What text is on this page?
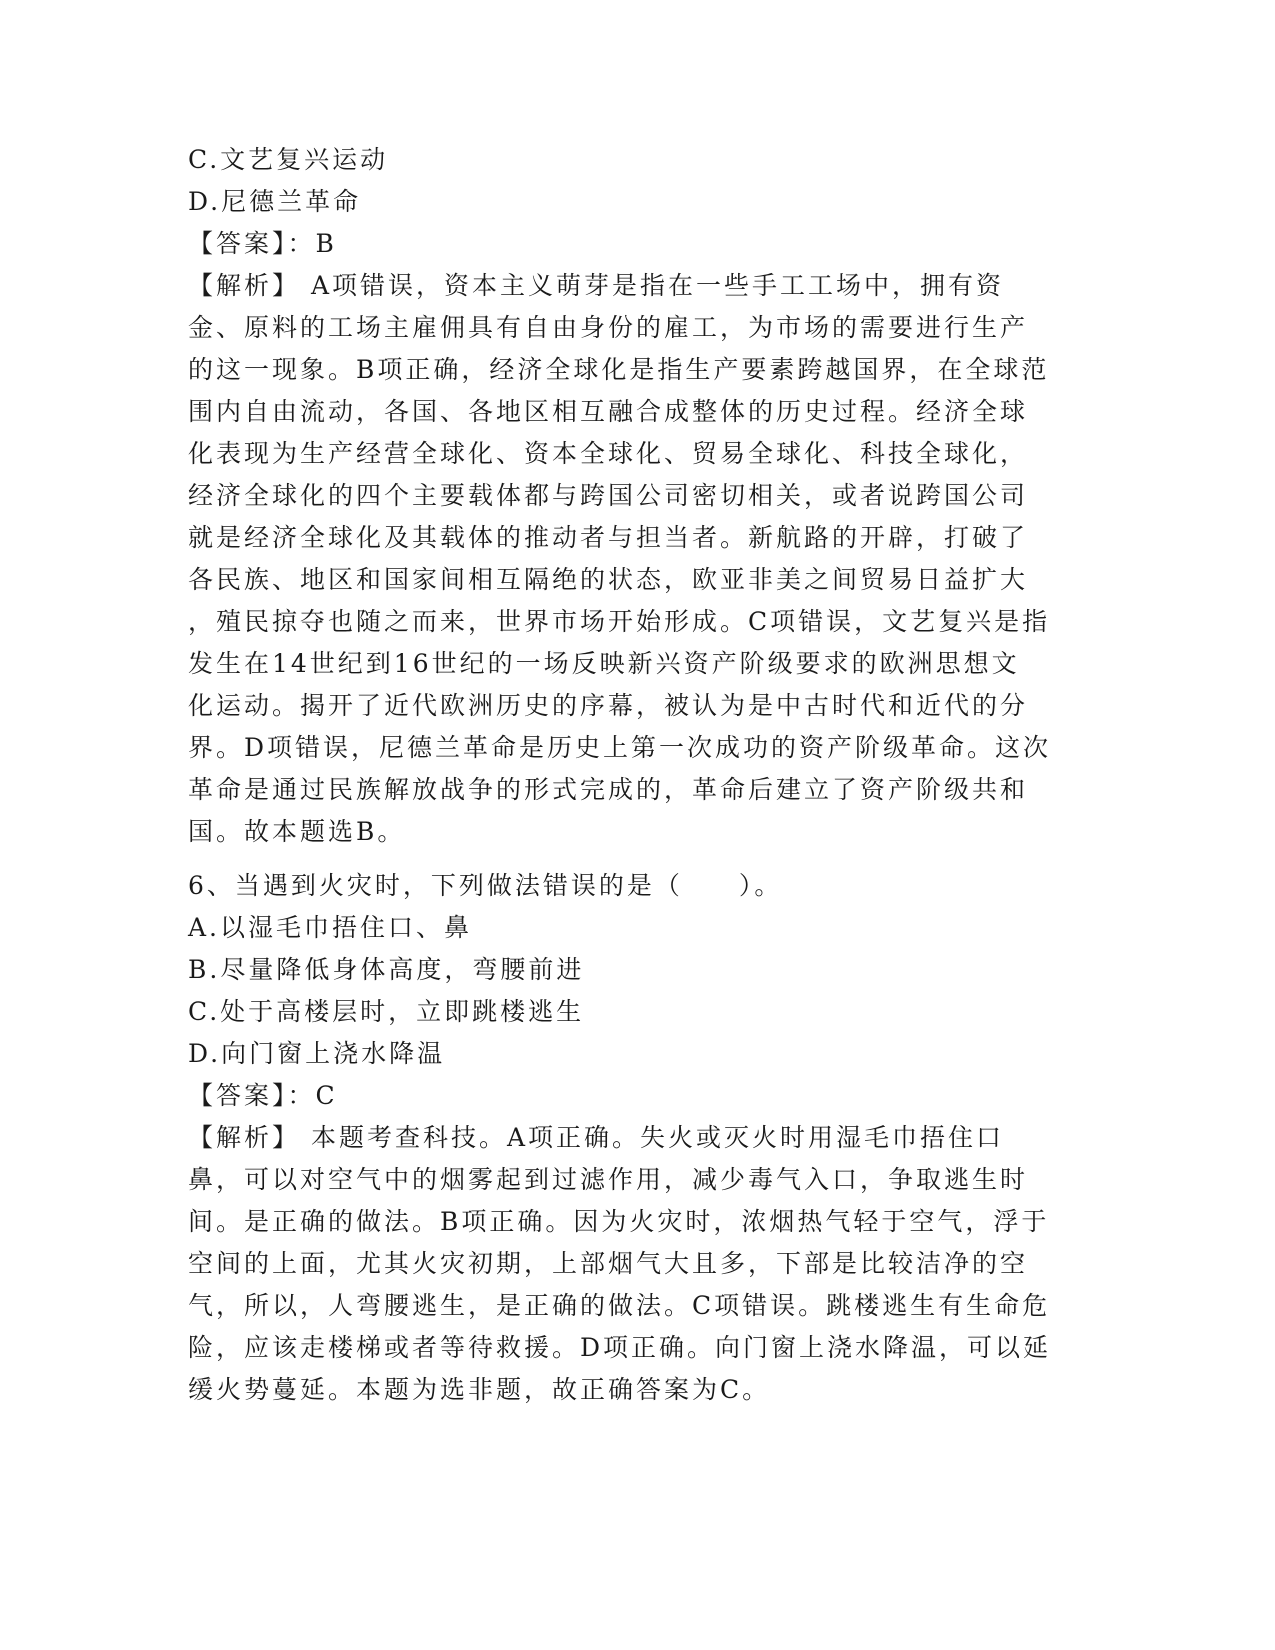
C.文艺复兴运动
D.尼德兰革命
【答案】：B
【解析】 A项错误，资本主义萌芽是指在一些手工工场中，拥有资
金、原料的工场主雇佣具有自由身份的雇工，为市场的需要进行生产
的这一现象。B项正确，经济全球化是指生产要素跨越国界，在全球范
围内自由流动，各国、各地区相互融合成整体的历史过程。经济全球
化表现为生产经营全球化、资本全球化、贸易全球化、科技全球化，
经济全球化的四个主要载体都与跨国公司密切相关，或者说跨国公司
就是经济全球化及其载体的推动者与担当者。新航路的开辟，打破了
各民族、地区和国家间相互隔绝的状态，欧亚非美之间贸易日益扩大
，殖民掠夺也随之而来，世界市场开始形成。C项错误，文艺复兴是指
发生在14世纪到16世纪的一场反映新兴资产阶级要求的欧洲思想文
化运动。揭开了近代欧洲历史的序幕，被认为是中古时代和近代的分
界。D项错误，尼德兰革命是历史上第一次成功的资产阶级革命。这次
革命是通过民族解放战争的形式完成的，革命后建立了资产阶级共和
国。故本题选B。
6、当遇到火灾时，下列做法错误的是（　　）。
A.以湿毛巾捂住口、鼻
B.尽量降低身体高度，弯腰前进
C.处于高楼层时，立即跳楼逃生
D.向门窗上浇水降温
【答案】：C
【解析】 本题考查科技。A项正确。失火或灭火时用湿毛巾捂住口
鼻，可以对空气中的烟雾起到过滤作用，减少毒气入口，争取逃生时
间。是正确的做法。B项正确。因为火灾时，浓烟热气轻于空气，浮于
空间的上面，尤其火灾初期，上部烟气大且多，下部是比较洁净的空
气，所以，人弯腰逃生，是正确的做法。C项错误。跳楼逃生有生命危
险，应该走楼梯或者等待救援。D项正确。向门窗上浇水降温，可以延
缓火势蔓延。本题为选非题，故正确答案为C。
